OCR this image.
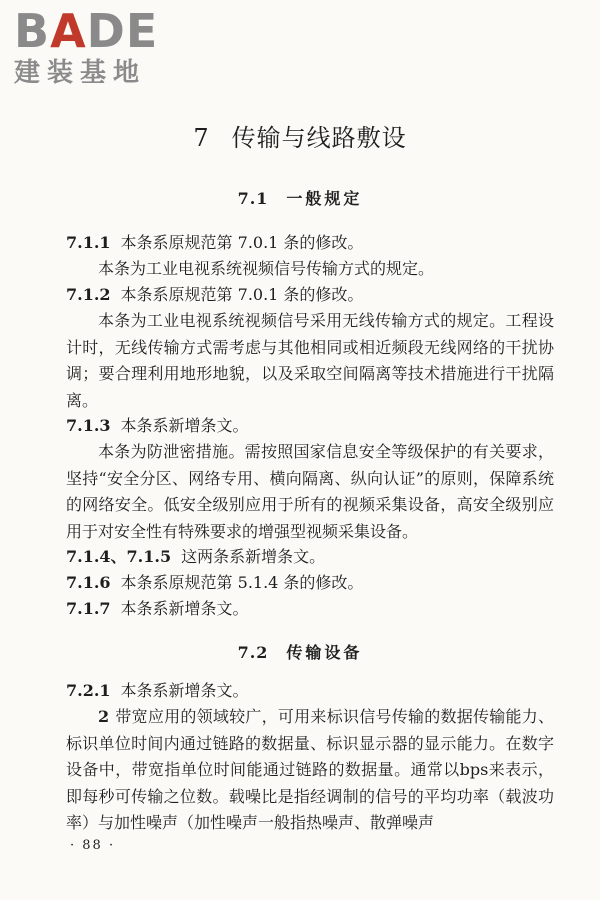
BADE
建装基地
7 传输与线路敷设
7.1 一般规定

7.1.1 本条系原规范第 7.0.1 条的修改。

本条为工业电视系统视频信号传输方式的规定。

7.1.2 本条系原规范第 7.0.1 条的修改。

本条为工业电视系统视频信号采用无线传输方式的规定。工程设计时，无线传输方式需考虑与其他相同或相近频段无线网络的干扰协调；要合理利用地形地貌，以及采取空间隔离等技术措施进行干扰隔离。

7.1.3 本条系新增条文。

本条为防泄密措施。需按照国家信息安全等级保护的有关要求，坚持“安全分区、网络专用、横向隔离、纵向认证”的原则，保障系统的网络安全。低安全级别应用于所有的视频采集设备，高安全级别应用于对安全性有特殊要求的增强型视频采集设备。

7.1.4、7.1.5 这两条系新增条文。

7.1.6 本条系原规范第 5.1.4 条的修改。

7.1.7 本条系新增条文。

7.2 传输设备

7.2.1 本条系新增条文。

2 带宽应用的领域较广，可用来标识信号传输的数据传输能力、标识单位时间内通过链路的数据量、标识显示器的显示能力。在数字设备中，带宽指单位时间能通过链路的数据量。通常以bps来表示，即每秒可传输之位数。载噪比是指经调制的信号的平均功率（载波功率）与加性噪声（加性噪声一般指热噪声、散弹噪声

· 88 ·
